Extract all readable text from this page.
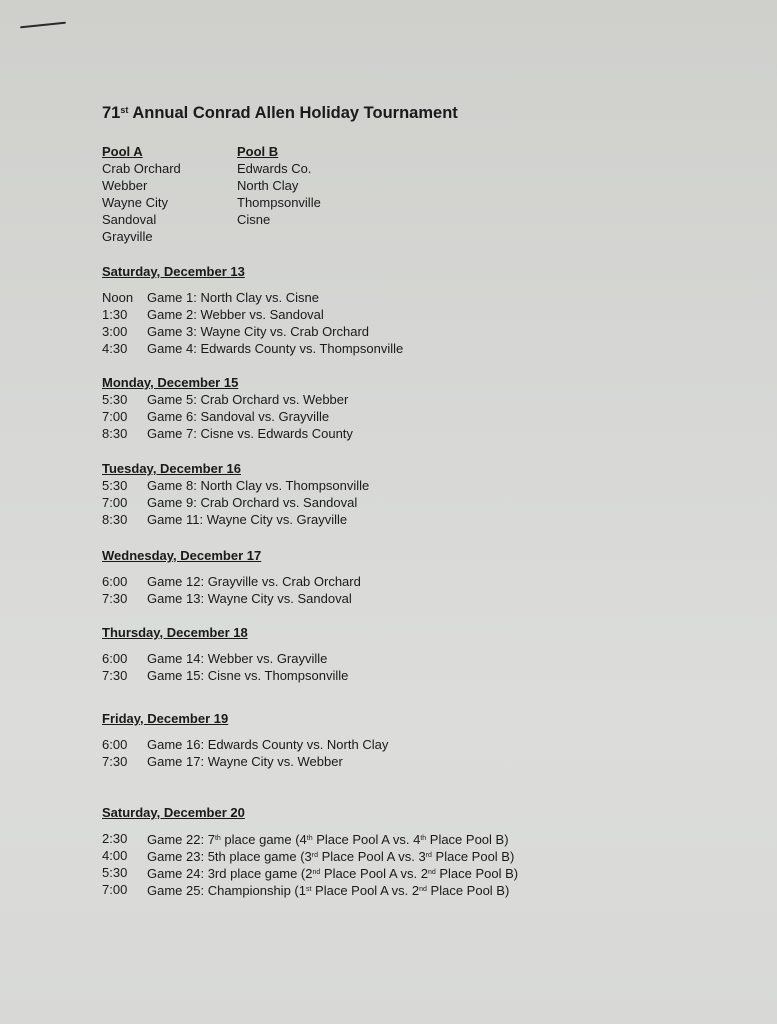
71st Annual Conrad Allen Holiday Tournament
Pool A
Crab Orchard
Webber
Wayne City
Sandoval
Grayville
Pool B
Edwards Co.
North Clay
Thompsonville
Cisne
Saturday, December 13
Noon Game 1: North Clay vs. Cisne
1:30 Game 2: Webber vs. Sandoval
3:00 Game 3: Wayne City vs. Crab Orchard
4:30 Game 4: Edwards County vs. Thompsonville
Monday, December 15
5:30 Game 5: Crab Orchard vs. Webber
7:00 Game 6: Sandoval vs. Grayville
8:30 Game 7: Cisne vs. Edwards County
Tuesday, December 16
5:30 Game 8: North Clay vs. Thompsonville
7:00 Game 9: Crab Orchard vs. Sandoval
8:30 Game 11: Wayne City vs. Grayville
Wednesday, December 17
6:00 Game 12: Grayville vs. Crab Orchard
7:30 Game 13: Wayne City vs. Sandoval
Thursday, December 18
6:00 Game 14: Webber vs. Grayville
7:30 Game 15: Cisne vs. Thompsonville
Friday, December 19
6:00 Game 16: Edwards County vs. North Clay
7:30 Game 17: Wayne City vs. Webber
Saturday, December 20
2:30 Game 22: 7th place game (4th Place Pool A vs. 4th Place Pool B)
4:00 Game 23: 5th place game (3rd Place Pool A vs. 3rd Place Pool B)
5:30 Game 24: 3rd place game (2nd Place Pool A vs. 2nd Place Pool B)
7:00 Game 25: Championship (1st Place Pool A vs. 2nd Place Pool B)
